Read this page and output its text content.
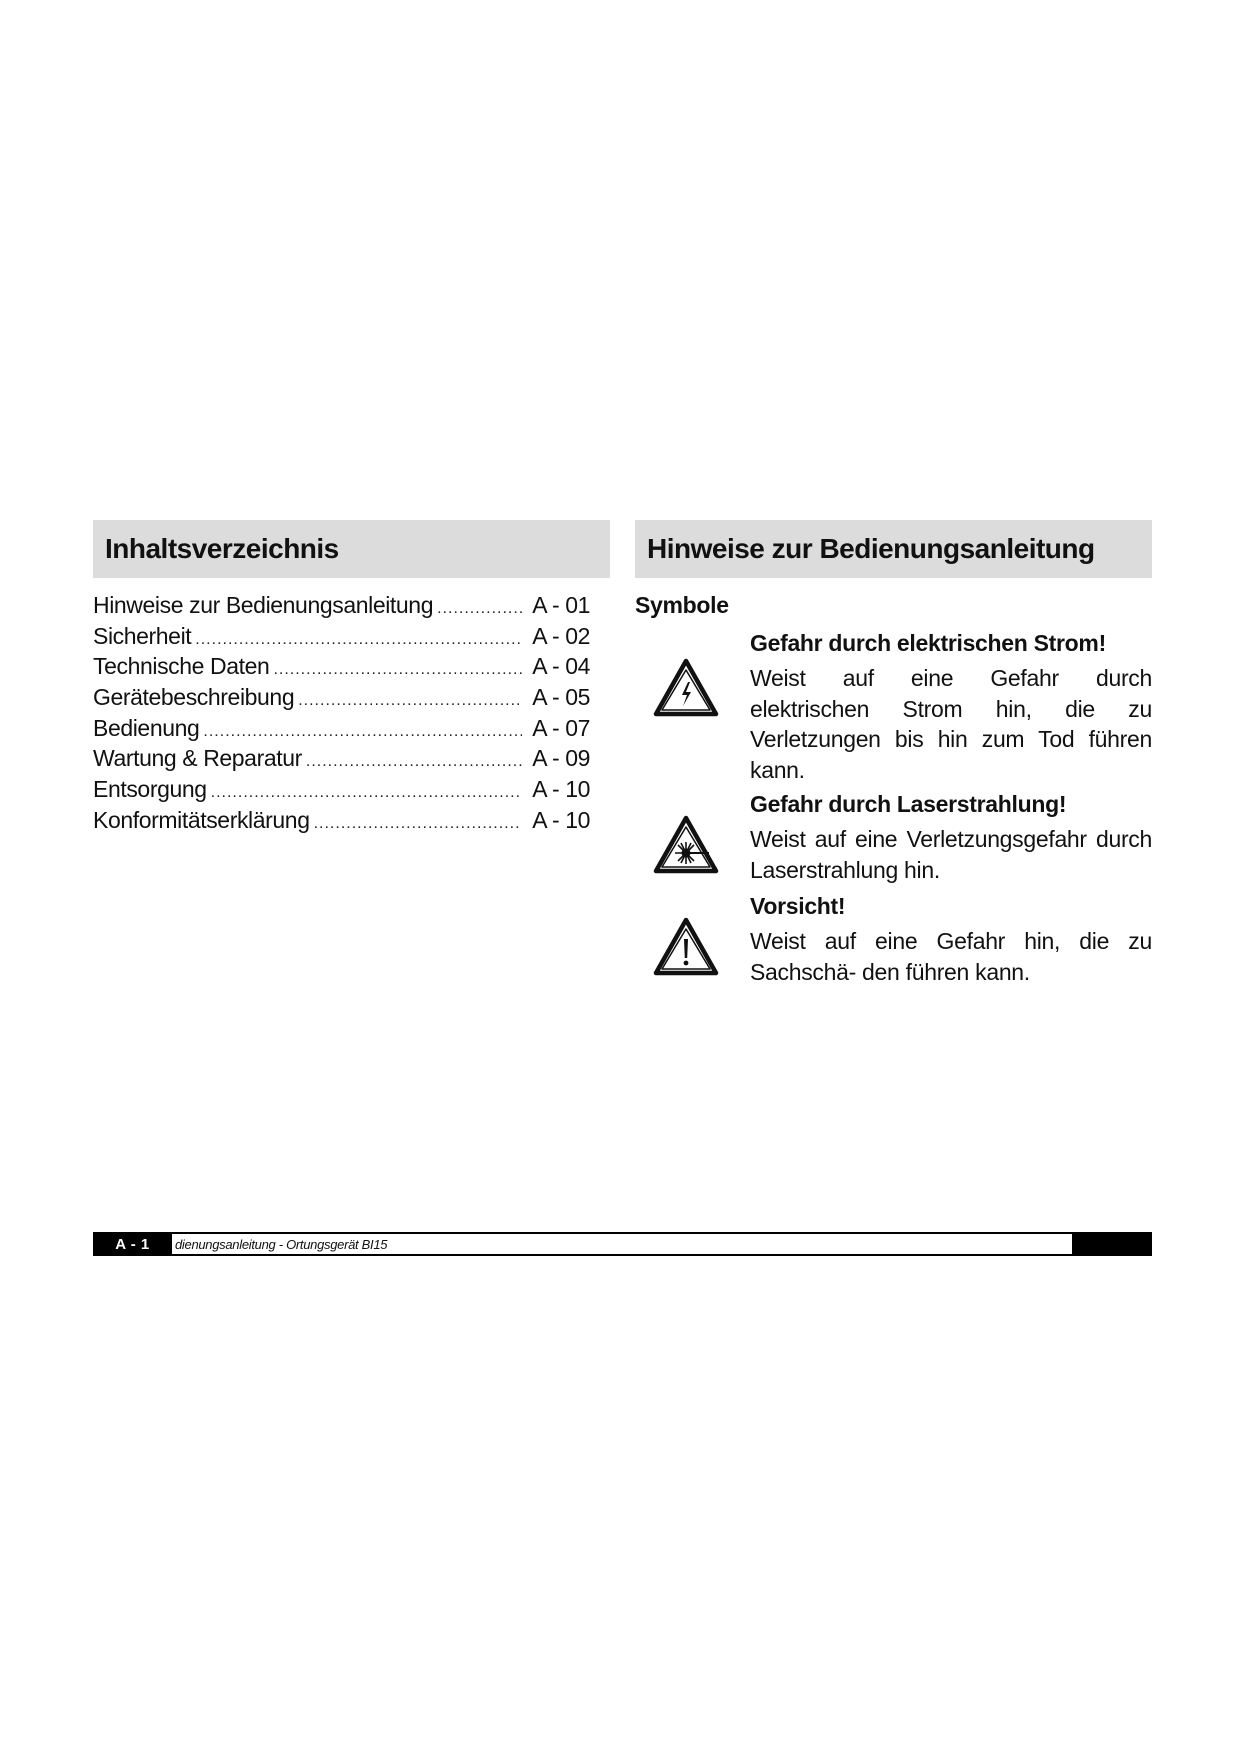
Inhaltsverzeichnis
Hinweise zur Bedienungsanleitung .....	A - 01
Sicherheit .....	A - 02
Technische Daten .....	A - 04
Gerätebeschreibung .....	A - 05
Bedienung .....	A - 07
Wartung & Reparatur .....	A - 09
Entsorgung .....	A - 10
Konformitätserklärung .....	A - 10
Hinweise zur Bedienungsanleitung
Symbole
Gefahr durch elektrischen Strom!
Weist auf eine Gefahr durch elektrischen Strom hin, die zu Verletzungen bis hin zum Tod führen kann.
Gefahr durch Laserstrahlung!
Weist auf eine Verletzungsgefahr durch Laserstrahlung hin.
Vorsicht!
Weist auf eine Gefahr hin, die zu Sachschä- den führen kann.
A - 1	dienungsanleitung - Ortungsgerät BI15
